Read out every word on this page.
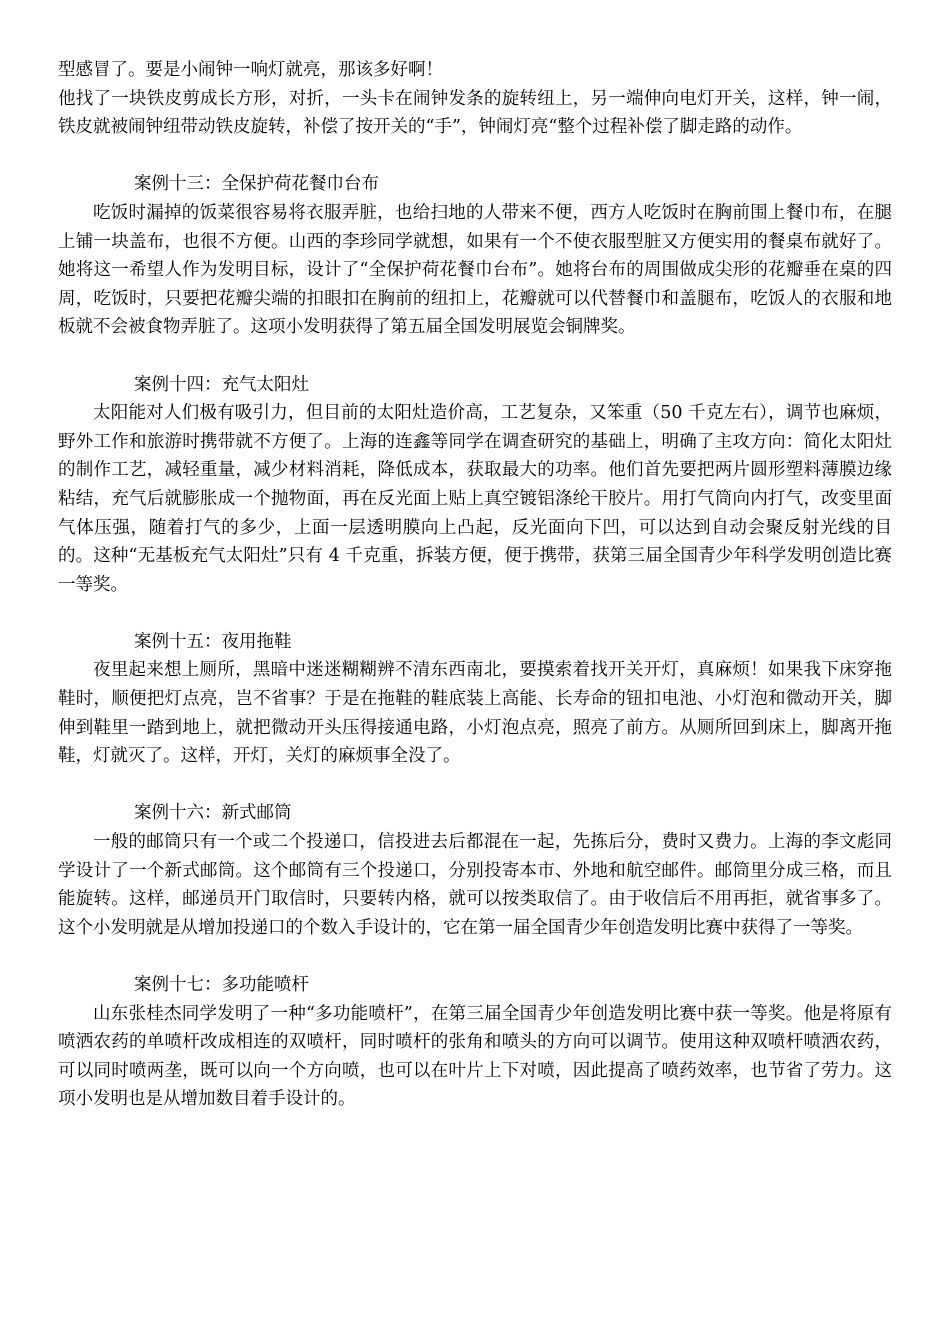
型感冒了。要是小闹钟一响灯就亮，那该多好啊！

他找了一块铁皮剪成长方形，对折，一头卡在闹钟发条的旋转纽上，另一端伸向电灯开关，这样，钟一闹，铁皮就被闹钟纽带动铁皮旋转，补偿了按开关的“手”，钟闹灯亮“整个过程补偿了脚走路的动作。

案例十三：全保护荷花餐巾台布

吃饭时漏掉的饭菜很容易将衣服弄脏，也给扫地的人带来不便，西方人吃饭时在胸前围上餐巾布，在腿上铺一块盖布，也很不方便。山西的李珍同学就想，如果有一个不使衣服型脏又方便实用的餐桌布就好了。她将这一希望人作为发明目标，设计了“全保护荷花餐巾台布”。她将台布的周围做成尖形的花瓣垂在桌的四周，吃饭时，只要把花瓣尖端的扣眼扣在胸前的纽扣上，花瓣就可以代替餐巾和盖腿布，吃饭人的衣服和地板就不会被食物弄脏了。这项小发明获得了第五届全国发明展览会铜牌奖。

案例十四：充气太阳灶

太阳能对人们极有吸引力，但目前的太阳灶造价高，工艺复杂，又笨重（50 千克左右），调节也麻烦，野外工作和旅游时携带就不方便了。上海的连鑫等同学在调查研究的基础上，明确了主攻方向：简化太阳灶的制作工艺，减轻重量，减少材料消耗，降低成本，获取最大的功率。他们首先要把两片圆形塑料薄膜边缘粘结，充气后就膨胀成一个抛物面，再在反光面上贴上真空镀铝涤纶干胶片。用打气筒向内打气，改变里面气体压强，随着打气的多少，上面一层透明膜向上凸起，反光面向下凹，可以达到自动会聚反射光线的目的。这种“无基板充气太阳灶”只有 4 千克重，拆装方便，便于携带，获第三届全国青少年科学发明创造比赛一等奖。

案例十五：夜用拖鞋

夜里起来想上厕所，黑暗中迷迷糊糊辨不清东西南北，要摸索着找开关开灯，真麻烦！如果我下床穿拖鞋时，顺便把灯点亮，岂不省事？于是在拖鞋的鞋底装上高能、长寿命的钮扣电池、小灯泡和微动开关，脚伸到鞋里一踏到地上，就把微动开头压得接通电路，小灯泡点亮，照亮了前方。从厕所回到床上，脚离开拖鞋，灯就灭了。这样，开灯，关灯的麻烦事全没了。

案例十六：新式邮筒

一般的邮筒只有一个或二个投递口，信投进去后都混在一起，先拣后分，费时又费力。上海的李文彪同学设计了一个新式邮筒。这个邮筒有三个投递口，分别投寄本市、外地和航空邮件。邮筒里分成三格，而且能旋转。这样，邮递员开门取信时，只要转内格，就可以按类取信了。由于收信后不用再拒，就省事多了。这个小发明就是从增加投递口的个数入手设计的，它在第一届全国青少年创造发明比赛中获得了一等奖。

案例十七：多功能喷杆

山东张桂杰同学发明了一种“多功能喷杆”，在第三届全国青少年创造发明比赛中获一等奖。他是将原有喷洒农药的单喷杆改成相连的双喷杆，同时喷杆的张角和喷头的方向可以调节。使用这种双喷杆喷洒农药，可以同时喷两垄，既可以向一个方向喷，也可以在叶片上下对喷，因此提高了喷药效率，也节省了劳力。这项小发明也是从增加数目着手设计的。
